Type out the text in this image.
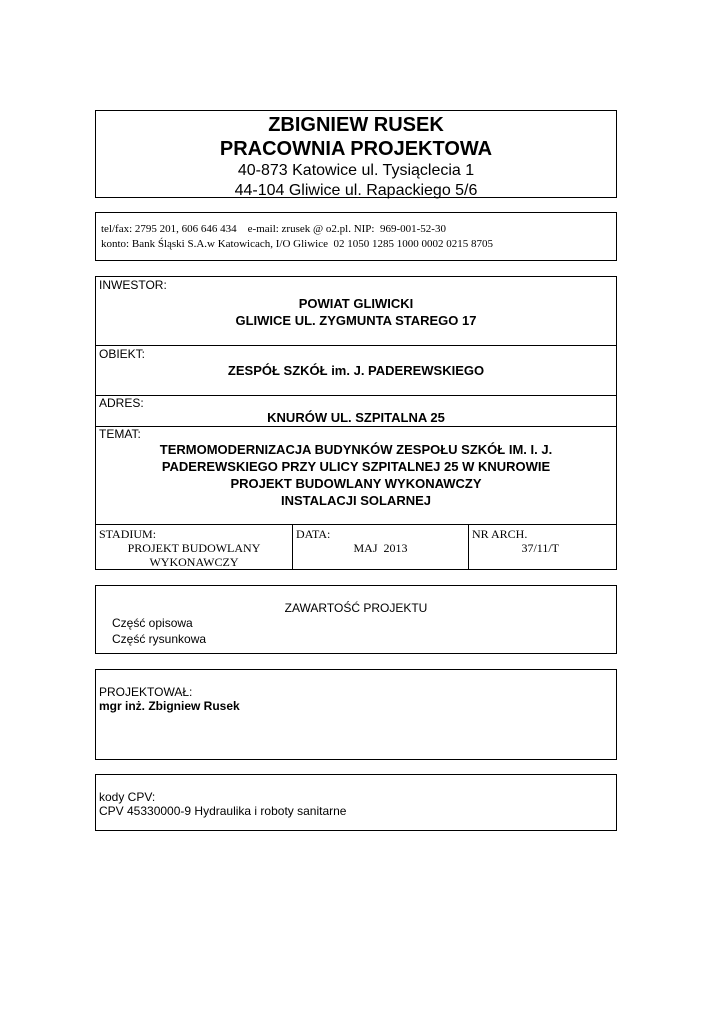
ZBIGNIEW RUSEK
PRACOWNIA PROJEKTOWA
40-873 Katowice ul. Tysiąclecia 1
44-104 Gliwice ul. Rapackiego 5/6
tel/fax: 2795 201, 606 646 434    e-mail: zrusek @ o2.pl. NIP:  969-001-52-30
konto: Bank Śląski S.A.w Katowicach, I/O Gliwice  02 1050 1285 1000 0002 0215 8705
INWESTOR:
POWIAT GLIWICKI
GLIWICE UL. ZYGMUNTA STAREGO 17
OBIEKT:
ZESPÓŁ SZKÓŁ im. J. PADEREWSKIEGO
ADRES:
KNURÓW UL. SZPITALNA 25
TEMAT:
TERMOMODERNIZACJA BUDYNKÓW ZESPOŁU SZKÓŁ IM. I. J.
PADEREWSKIEGO PRZY ULICY SZPITALNEJ 25 W KNUROWIE
PROJEKT BUDOWLANY WYKONAWCZY
INSTALACJI SOLARNEJ
STADIUM:
PROJEKT BUDOWLANY
WYKONAWCZY
DATA:
MAJ  2013
NR ARCH.
37/11/T
ZAWARTOŚĆ PROJEKTU
Część opisowa
Część rysunkowa
PROJEKTOWAŁ:
mgr inż. Zbigniew Rusek
kody CPV:
CPV 45330000-9 Hydraulika i roboty sanitarne
